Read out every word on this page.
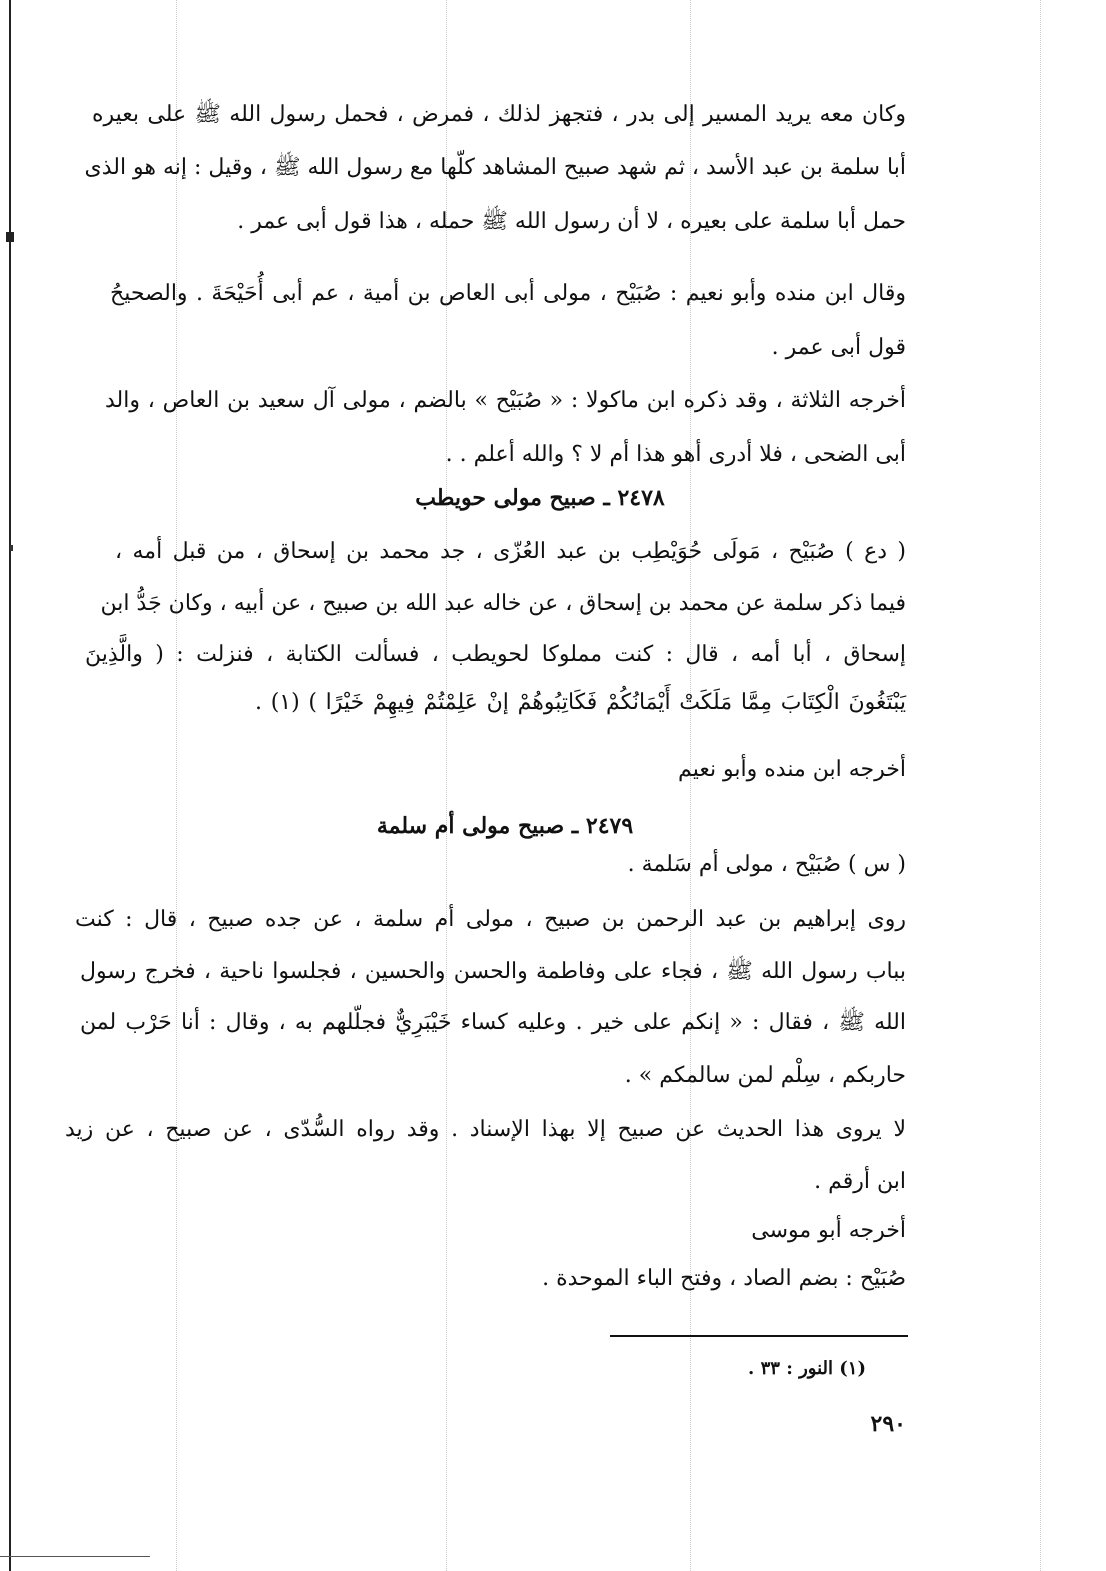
وكان معه يريد المسير إلى بدر ، فتجهز لذلك ، فمرض ، فحمل رسول الله ﷺ على بعيره
أبا سلمة بن عبد الأسد ، ثم شهد صبيح المشاهد كلّها مع رسول الله ﷺ ، وقيل : إنه هو الذى
حمل أبا سلمة على بعيره ، لا أن رسول الله ﷺ حمله ، هذا قول أبى عمر .
وقال ابن منده وأبو نعيم : صُبَيْح ، مولى أبى العاص بن أمية ، عم أبى أُحَيْحَةَ . والصحيحُ
قول أبى عمر .
أخرجه الثلاثة ، وقد ذكره ابن ماكولا : « صُبَيْح » بالضم ، مولى آل سعيد بن العاص ، والد
أبى الضحى ، فلا أدرى أهو هذا أم لا ؟ والله أعلم . .
٢٤٧٨ ـ صبيح مولى حويطب
( دع ) صُبَيْح ، مَولَى حُوَيْطِب بن عبد العُزّى ، جد محمد بن إسحاق ، من قبل أمه ،
فيما ذكر سلمة عن محمد بن إسحاق ، عن خاله عبد الله بن صبيح ، عن أبيه ، وكان جَدُّ ابن
إسحاق ، أبا أمه ، قال : كنت مملوكا لحويطب ، فسألت الكتابة ، فنزلت : ( والَّذِينَ
يَبْتَغُونَ الْكِتَابَ مِمَّا مَلَكَتْ أَيْمَانُكُمْ فَكَاتِبُوهُمْ إنْ عَلِمْتُمْ فِيهِمْ خَيْرًا ) (١) .
أخرجه ابن منده وأبو نعيم
٢٤٧٩ ـ صبيح مولى أم سلمة
( س ) صُبَيْح ، مولى أم سَلمة .
روى إبراهيم بن عبد الرحمن بن صبيح ، مولى أم سلمة ، عن جده صبيح ، قال : كنت
بباب رسول الله ﷺ ، فجاء على وفاطمة والحسن والحسين ، فجلسوا ناحية ، فخرج رسول
الله ﷺ ، فقال : « إنكم على خير . وعليه كساء خَيْبَرِيٌّ فجلّلهم به ، وقال : أنا حَرْب لمن
حاربكم ، سِلْم لمن سالمكم » .
لا يروى هذا الحديث عن صبيح إلا بهذا الإسناد . وقد رواه السُّدّى ، عن صبيح ، عن زيد
ابن أرقم .
أخرجه أبو موسى
صُبَيْح : بضم الصاد ، وفتح الباء الموحدة .
(١) النور : ٣٣ .
٢٩٠
